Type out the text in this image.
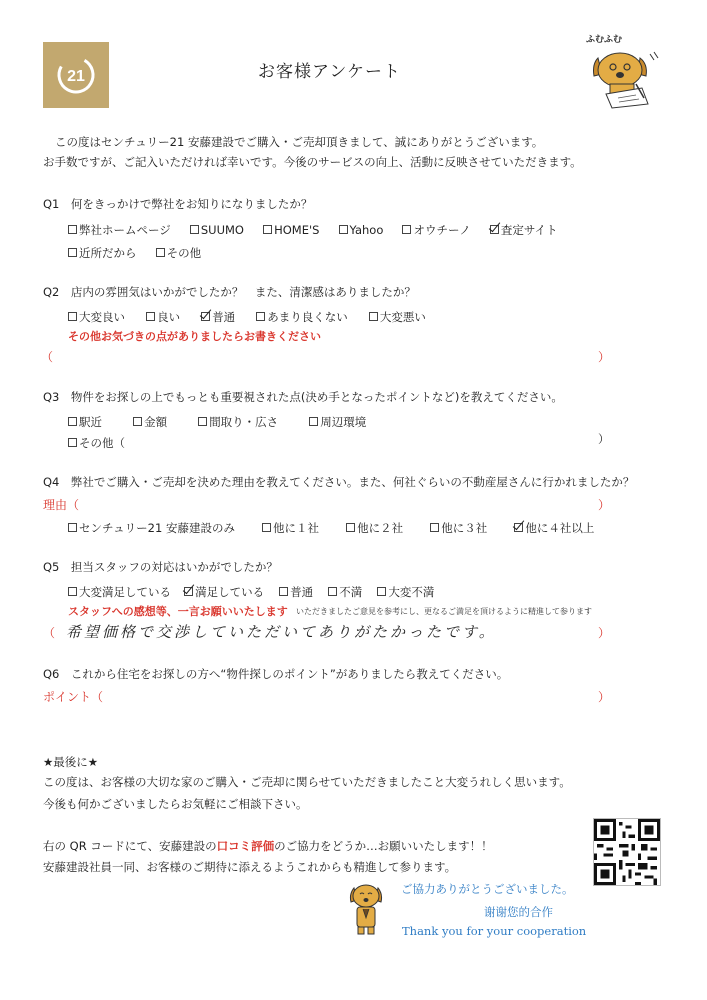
21	お客様アンケート
ふむふむ
この度はセンチュリー21 安藤建設でご購入・ご売却頂きまして、誠にありがとうございます。
お手数ですが、ご記入いただければ幸いです。今後のサービスの向上、活動に反映させていただきます。
Q1　何をきっかけで弊社をお知りになりましたか？
弊社ホームページ
	SUUMO
	HOME'S
	Yahoo
	オウチーノ
	査定サイト
近所だから
	その他
Q2　店内の雰囲気はいかがでしたか？　また、清潔感はありましたか？
大変良い
	良い
	普通
	あまり良くない
	大変悪い
その他お気づきの点がありましたらお書きください
（	）
Q3　物件をお探しの上でもっとも重要視された点(決め手となったポイントなど)を教えてください。
駅近
	金額
	間取り・広さ
	周辺環境
その他（	）
Q4　弊社でご購入・ご売却を決めた理由を教えてください。また、何社ぐらいの不動産屋さんに行かれましたか？
理由（	）
センチュリー21 安藤建設のみ
	他に１社
	他に２社
	他に３社
	他に４社以上
Q5　担当スタッフの対応はいかがでしたか？
大変満足している
満足している
普通
不満
大変不満
スタッフへの感想等、一言お願いいたします いただきましたご意見を参考にし、更なるご満足を頂けるように精進して参ります
（ 希望価格で交渉していただいてありがたかったです。	）
Q6　これから住宅をお探しの方へ“物件探しのポイント”がありましたら教えてください。
ポイント（	）
★最後に★
この度は、お客様の大切な家のご購入・ご売却に関らせていただきましたこと大変うれしく思います。
今後も何かございましたらお気軽にご相談下さい。
右の QR コードにて、安藤建設の口コミ評価のご協力をどうか…お願いいたします！！
安藤建設社員一同、お客様のご期待に添えるようこれからも精進して参ります。
ご協力ありがとうございました。
谢谢您的合作
Thank you for your cooperation
